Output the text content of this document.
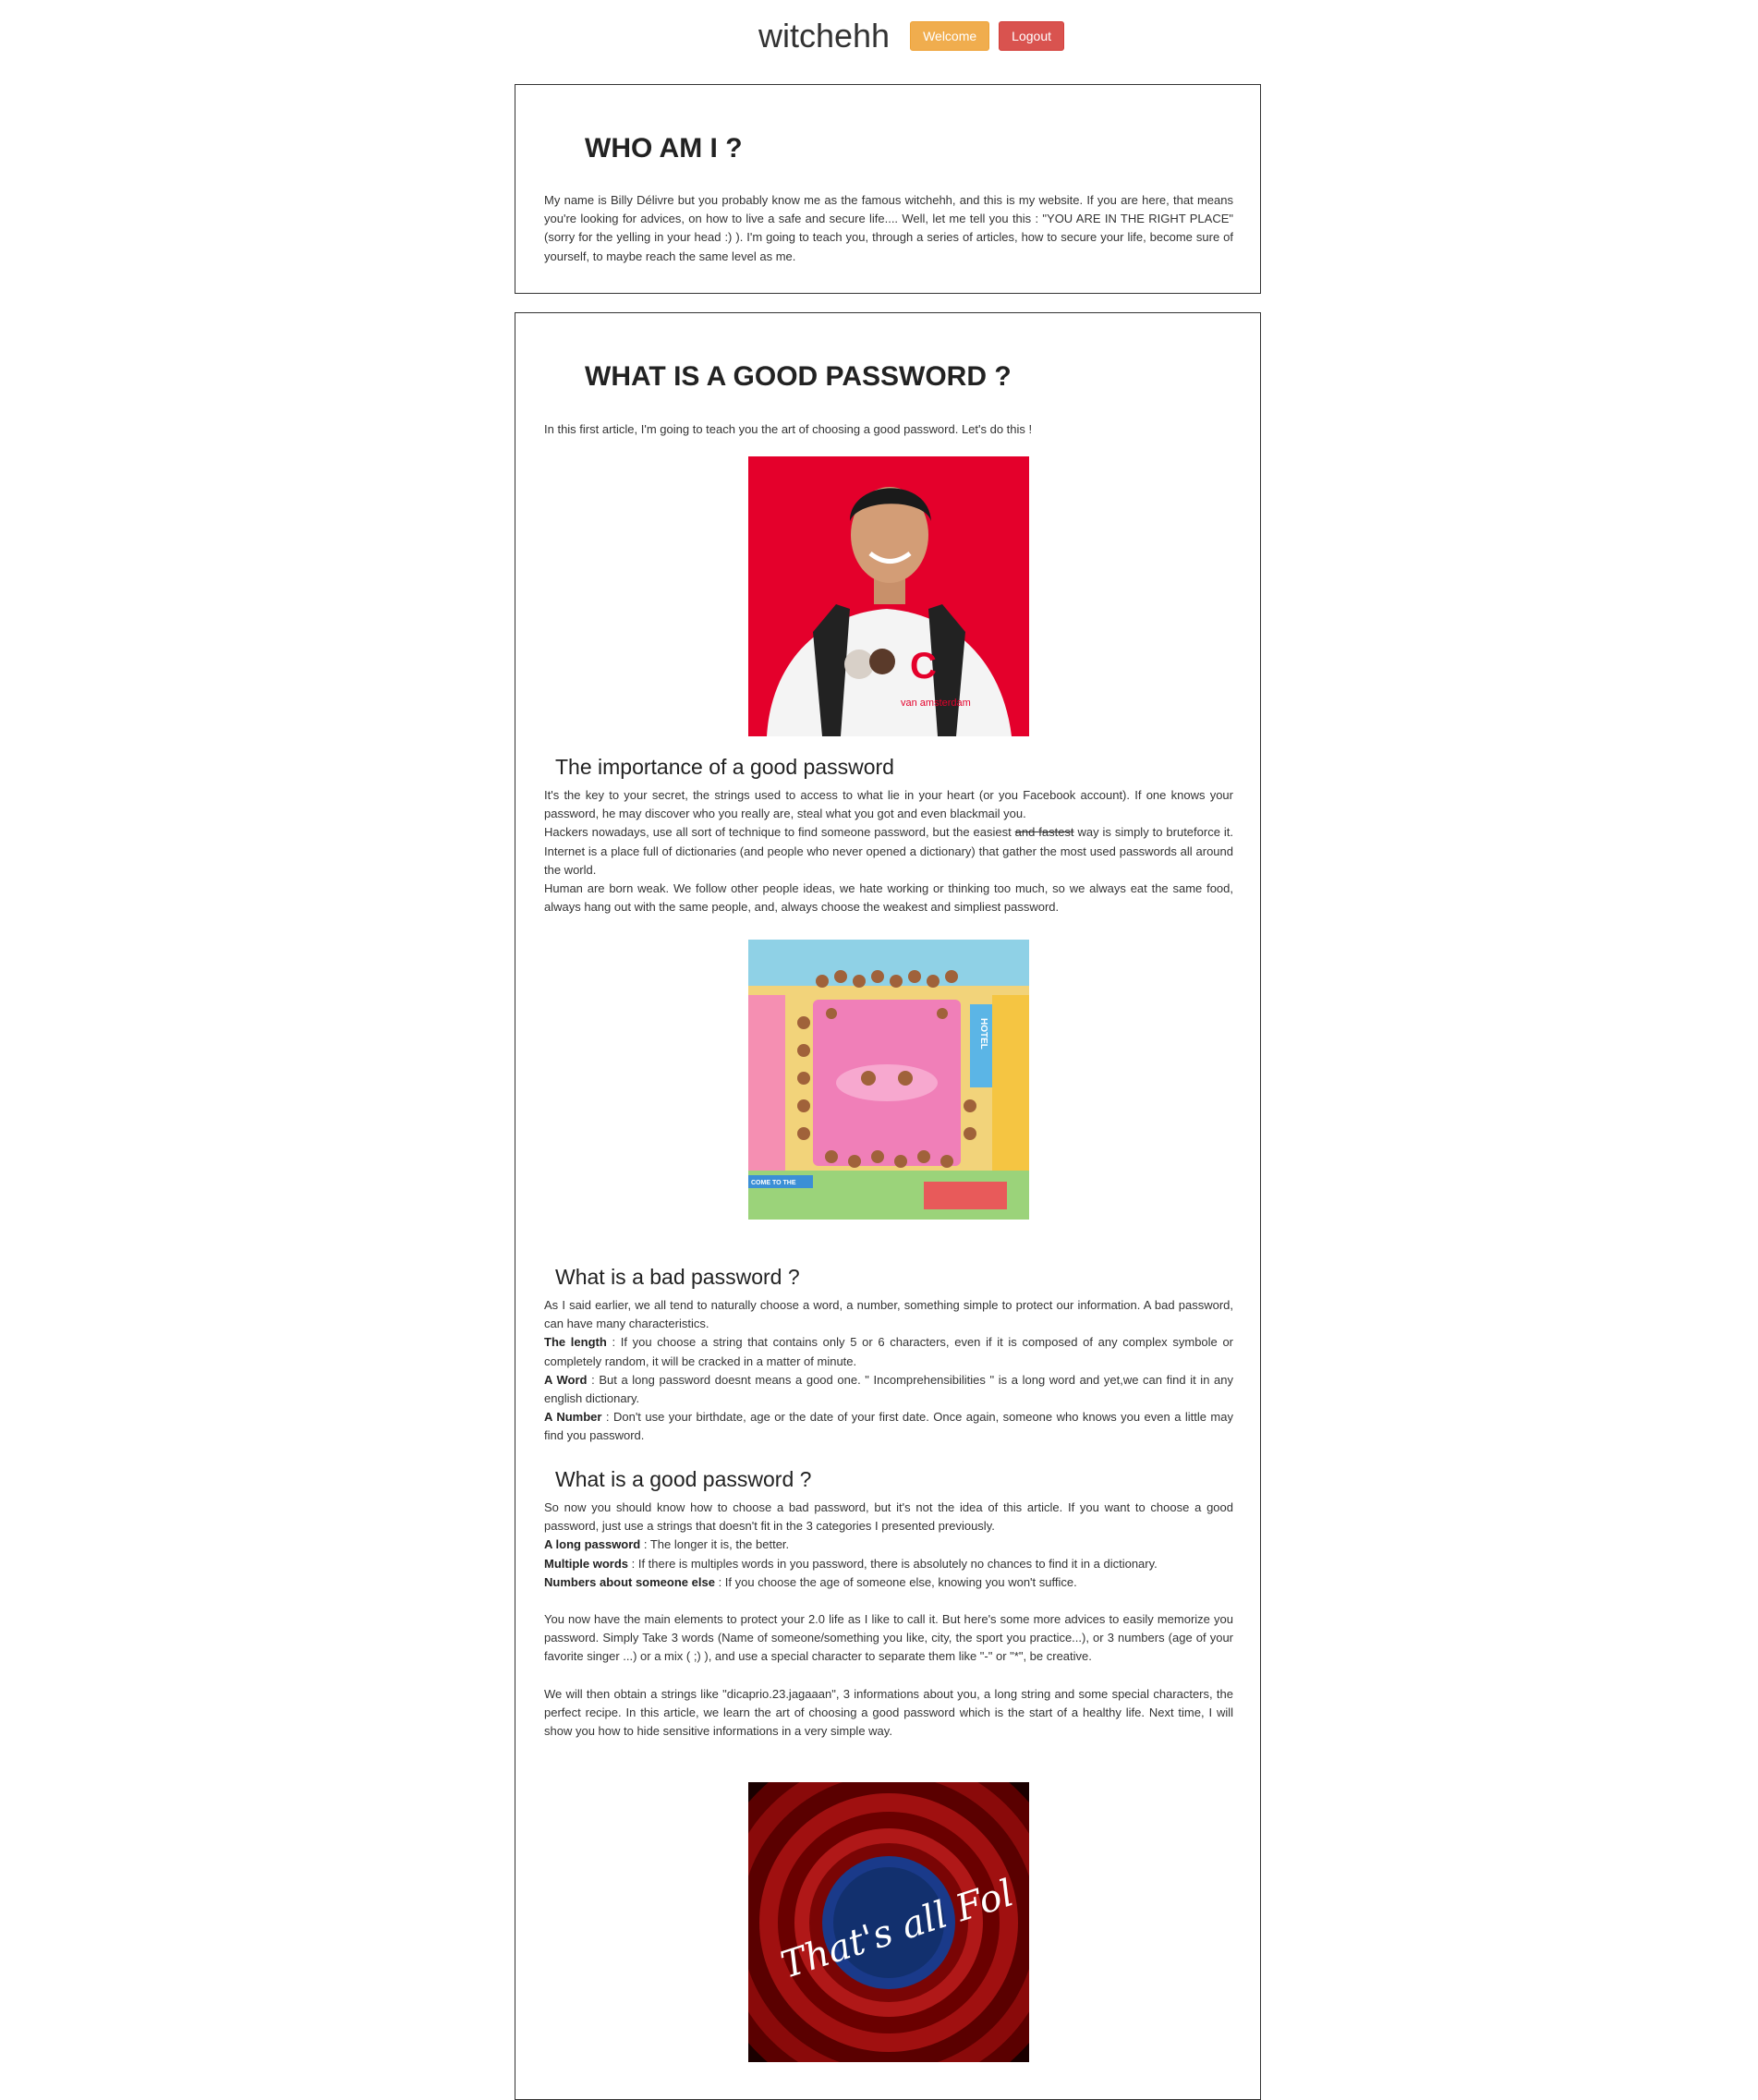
witchehh	Welcome	Logout
WHO AM I ?

My name is Billy Délivre but you probably know me as the famous witchehh, and this is my website. If you are here, that means you're looking for advices, on how to live a safe and secure life.... Well, let me tell you this : "YOU ARE IN THE RIGHT PLACE" (sorry for the yelling in your head :) ). I'm going to teach you, through a series of articles, how to secure your life, become sure of yourself, to maybe reach the same level as me.

WHAT IS A GOOD PASSWORD ?

In this first article, I'm going to teach you the art of choosing a good password. Let's do this !

C
van amsterdam
The importance of a good password

It's the key to your secret, the strings used to access to what lie in your heart (or you Facebook account). If one knows your password, he may discover who you really are, steal what you got and even blackmail you.

Hackers nowadays, use all sort of technique to find someone password, but the easiest and fastest way is simply to bruteforce it. Internet is a place full of dictionaries (and people who never opened a dictionary) that gather the most used passwords all around the world.

Human are born weak. We follow other people ideas, we hate working or thinking too much, so we always eat the same food, always hang out with the same people, and, always choose the weakest and simpliest password.

HOTEL
COME TO THE
What is a bad password ?

As I said earlier, we all tend to naturally choose a word, a number, something simple to protect our information. A bad password, can have many characteristics.

The length : If you choose a string that contains only 5 or 6 characters, even if it is composed of any complex symbole or completely random, it will be cracked in a matter of minute.

A Word : But a long password doesnt means a good one. " Incomprehensibilities " is a long word and yet,we can find it in any english dictionary.

A Number : Don't use your birthdate, age or the date of your first date. Once again, someone who knows you even a little may find you password.

What is a good password ?

So now you should know how to choose a bad password, but it's not the idea of this article. If you want to choose a good password, just use a strings that doesn't fit in the 3 categories I presented previously.

A long password : The longer it is, the better.

Multiple words : If there is multiples words in you password, there is absolutely no chances to find it in a dictionary.

Numbers about someone else : If you choose the age of someone else, knowing you won't suffice.

You now have the main elements to protect your 2.0 life as I like to call it. But here's some more advices to easily memorize you password. Simply Take 3 words (Name of someone/something you like, city, the sport you practice...), or 3 numbers (age of your favorite singer ...) or a mix ( ;) ), and use a special character to separate them like "-" or "*", be creative.

We will then obtain a strings like "dicaprio.23.jagaaan", 3 informations about you, a long string and some special characters, the perfect recipe. In this article, we learn the art of choosing a good password which is the start of a healthy life. Next time, I will show you how to hide sensitive informations in a very simple way.

That's all Fol
